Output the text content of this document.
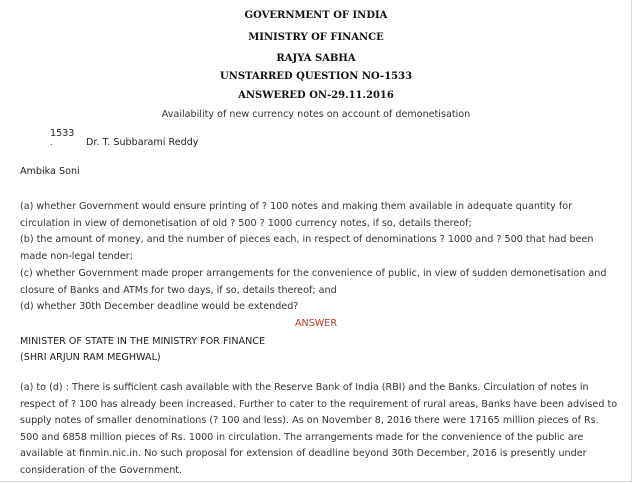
GOVERNMENT OF INDIA
MINISTRY OF FINANCE
RAJYA SABHA
UNSTARRED QUESTION NO-1533
ANSWERED ON-29.11.2016
Availability of new currency notes on account of demonetisation
1533
.	Dr. T. Subbarami Reddy
Ambika Soni
(a) whether Government would ensure printing of ? 100 notes and making them available in adequate quantity for circulation in view of demonetisation of old ? 500 ? 1000 currency notes, if so, details thereof;
(b) the amount of money, and the number of pieces each, in respect of denominations ? 1000 and ? 500 that had been made non-legal tender;
(c) whether Government made proper arrangements for the convenience of public, in view of sudden demonetisation and closure of Banks and ATMs for two days, if so, details thereof; and
(d) whether 30th December deadline would be extended?
ANSWER
MINISTER OF STATE IN THE MINISTRY FOR FINANCE
(SHRI ARJUN RAM MEGHWAL)
(a) to (d) : There is sufficient cash available with the Reserve Bank of India (RBI) and the Banks. Circulation of notes in respect of ? 100 has already been increased. Further to cater to the requirement of rural areas, Banks have been advised to supply notes of smaller denominations (? 100 and less). As on November 8, 2016 there were 17165 million pieces of Rs. 500 and 6858 million pieces of Rs. 1000 in circulation. The arrangements made for the convenience of the public are available at finmin.nic.in. No such proposal for extension of deadline beyond 30th December, 2016 is presently under consideration of the Government.
